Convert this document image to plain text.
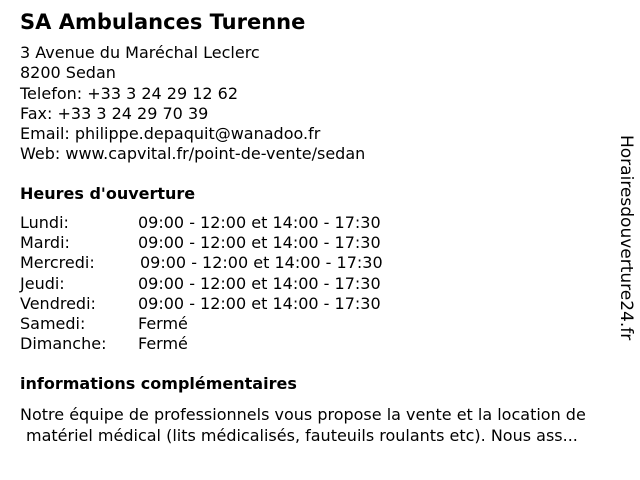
SA Ambulances Turenne
3 Avenue du Maréchal Leclerc
8200 Sedan
Telefon: +33 3 24 29 12 62
Fax: +33 3 24 29 70 39
Email: philippe.depaquit@wanadoo.fr
Web: www.capvital.fr/point-de-vente/sedan
Heures d'ouverture
Lundi:	09:00 - 12:00 et 14:00 - 17:30
Mardi:	09:00 - 12:00 et 14:00 - 17:30
Mercredi:	09:00 - 12:00 et 14:00 - 17:30
Jeudi:	09:00 - 12:00 et 14:00 - 17:30
Vendredi:	09:00 - 12:00 et 14:00 - 17:30
Samedi:	Fermé
Dimanche: Fermé
informations complémentaires
Notre équipe de professionnels vous propose la vente et la location de
matériel médical (lits médicalisés, fauteuils roulants etc). Nous ass...
Horairesdouverture24.fr
